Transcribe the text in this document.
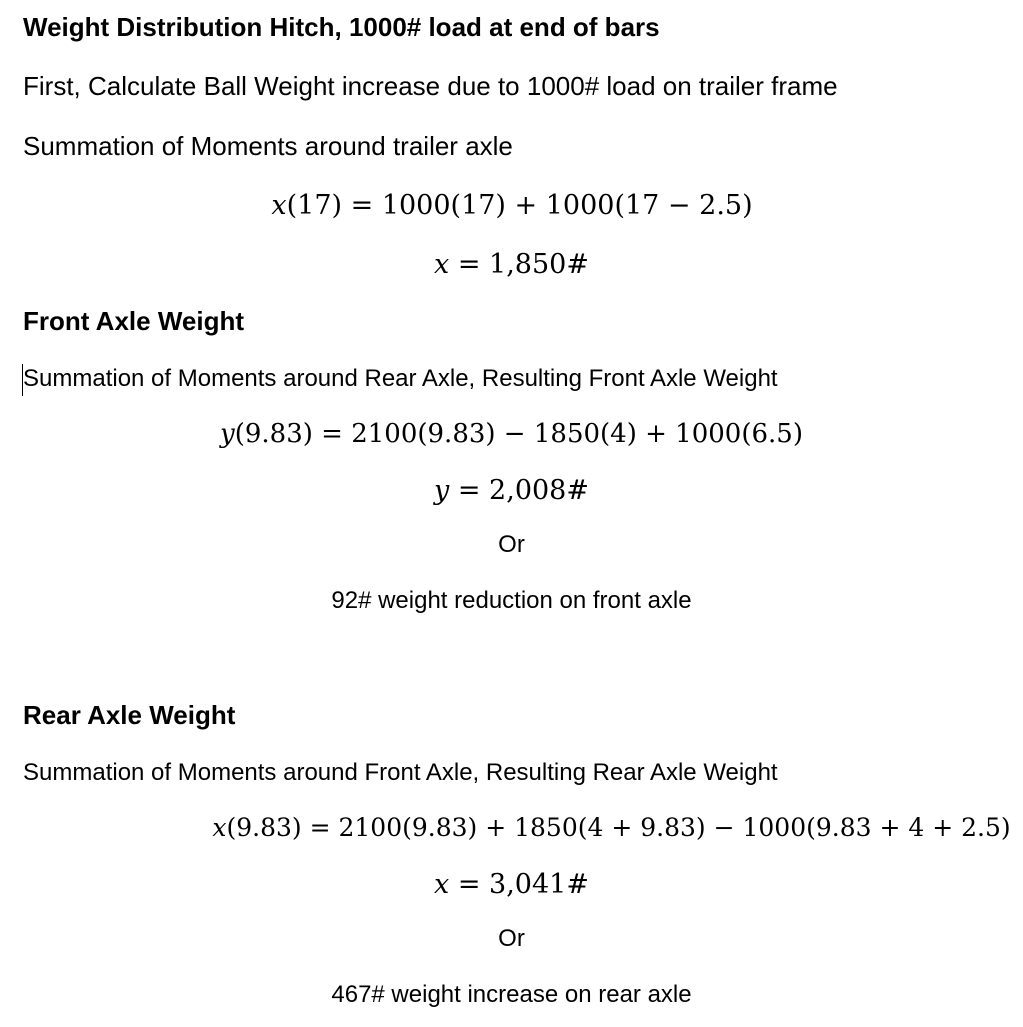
Weight Distribution Hitch, 1000# load at end of bars
First, Calculate Ball Weight increase due to 1000# load on trailer frame
Summation of Moments around trailer axle
x(17) = 1000(17) + 1000(17 − 2.5)
x = 1,850#
Front Axle Weight
Summation of Moments around Rear Axle, Resulting Front Axle Weight
y(9.83) = 2100(9.83) − 1850(4) + 1000(6.5)
y = 2,008#
Or
92# weight reduction on front axle
Rear Axle Weight
Summation of Moments around Front Axle, Resulting Rear Axle Weight
x(9.83) = 2100(9.83) + 1850(4 + 9.83) − 1000(9.83 + 4 + 2.5)
x = 3,041#
Or
467# weight increase on rear axle
